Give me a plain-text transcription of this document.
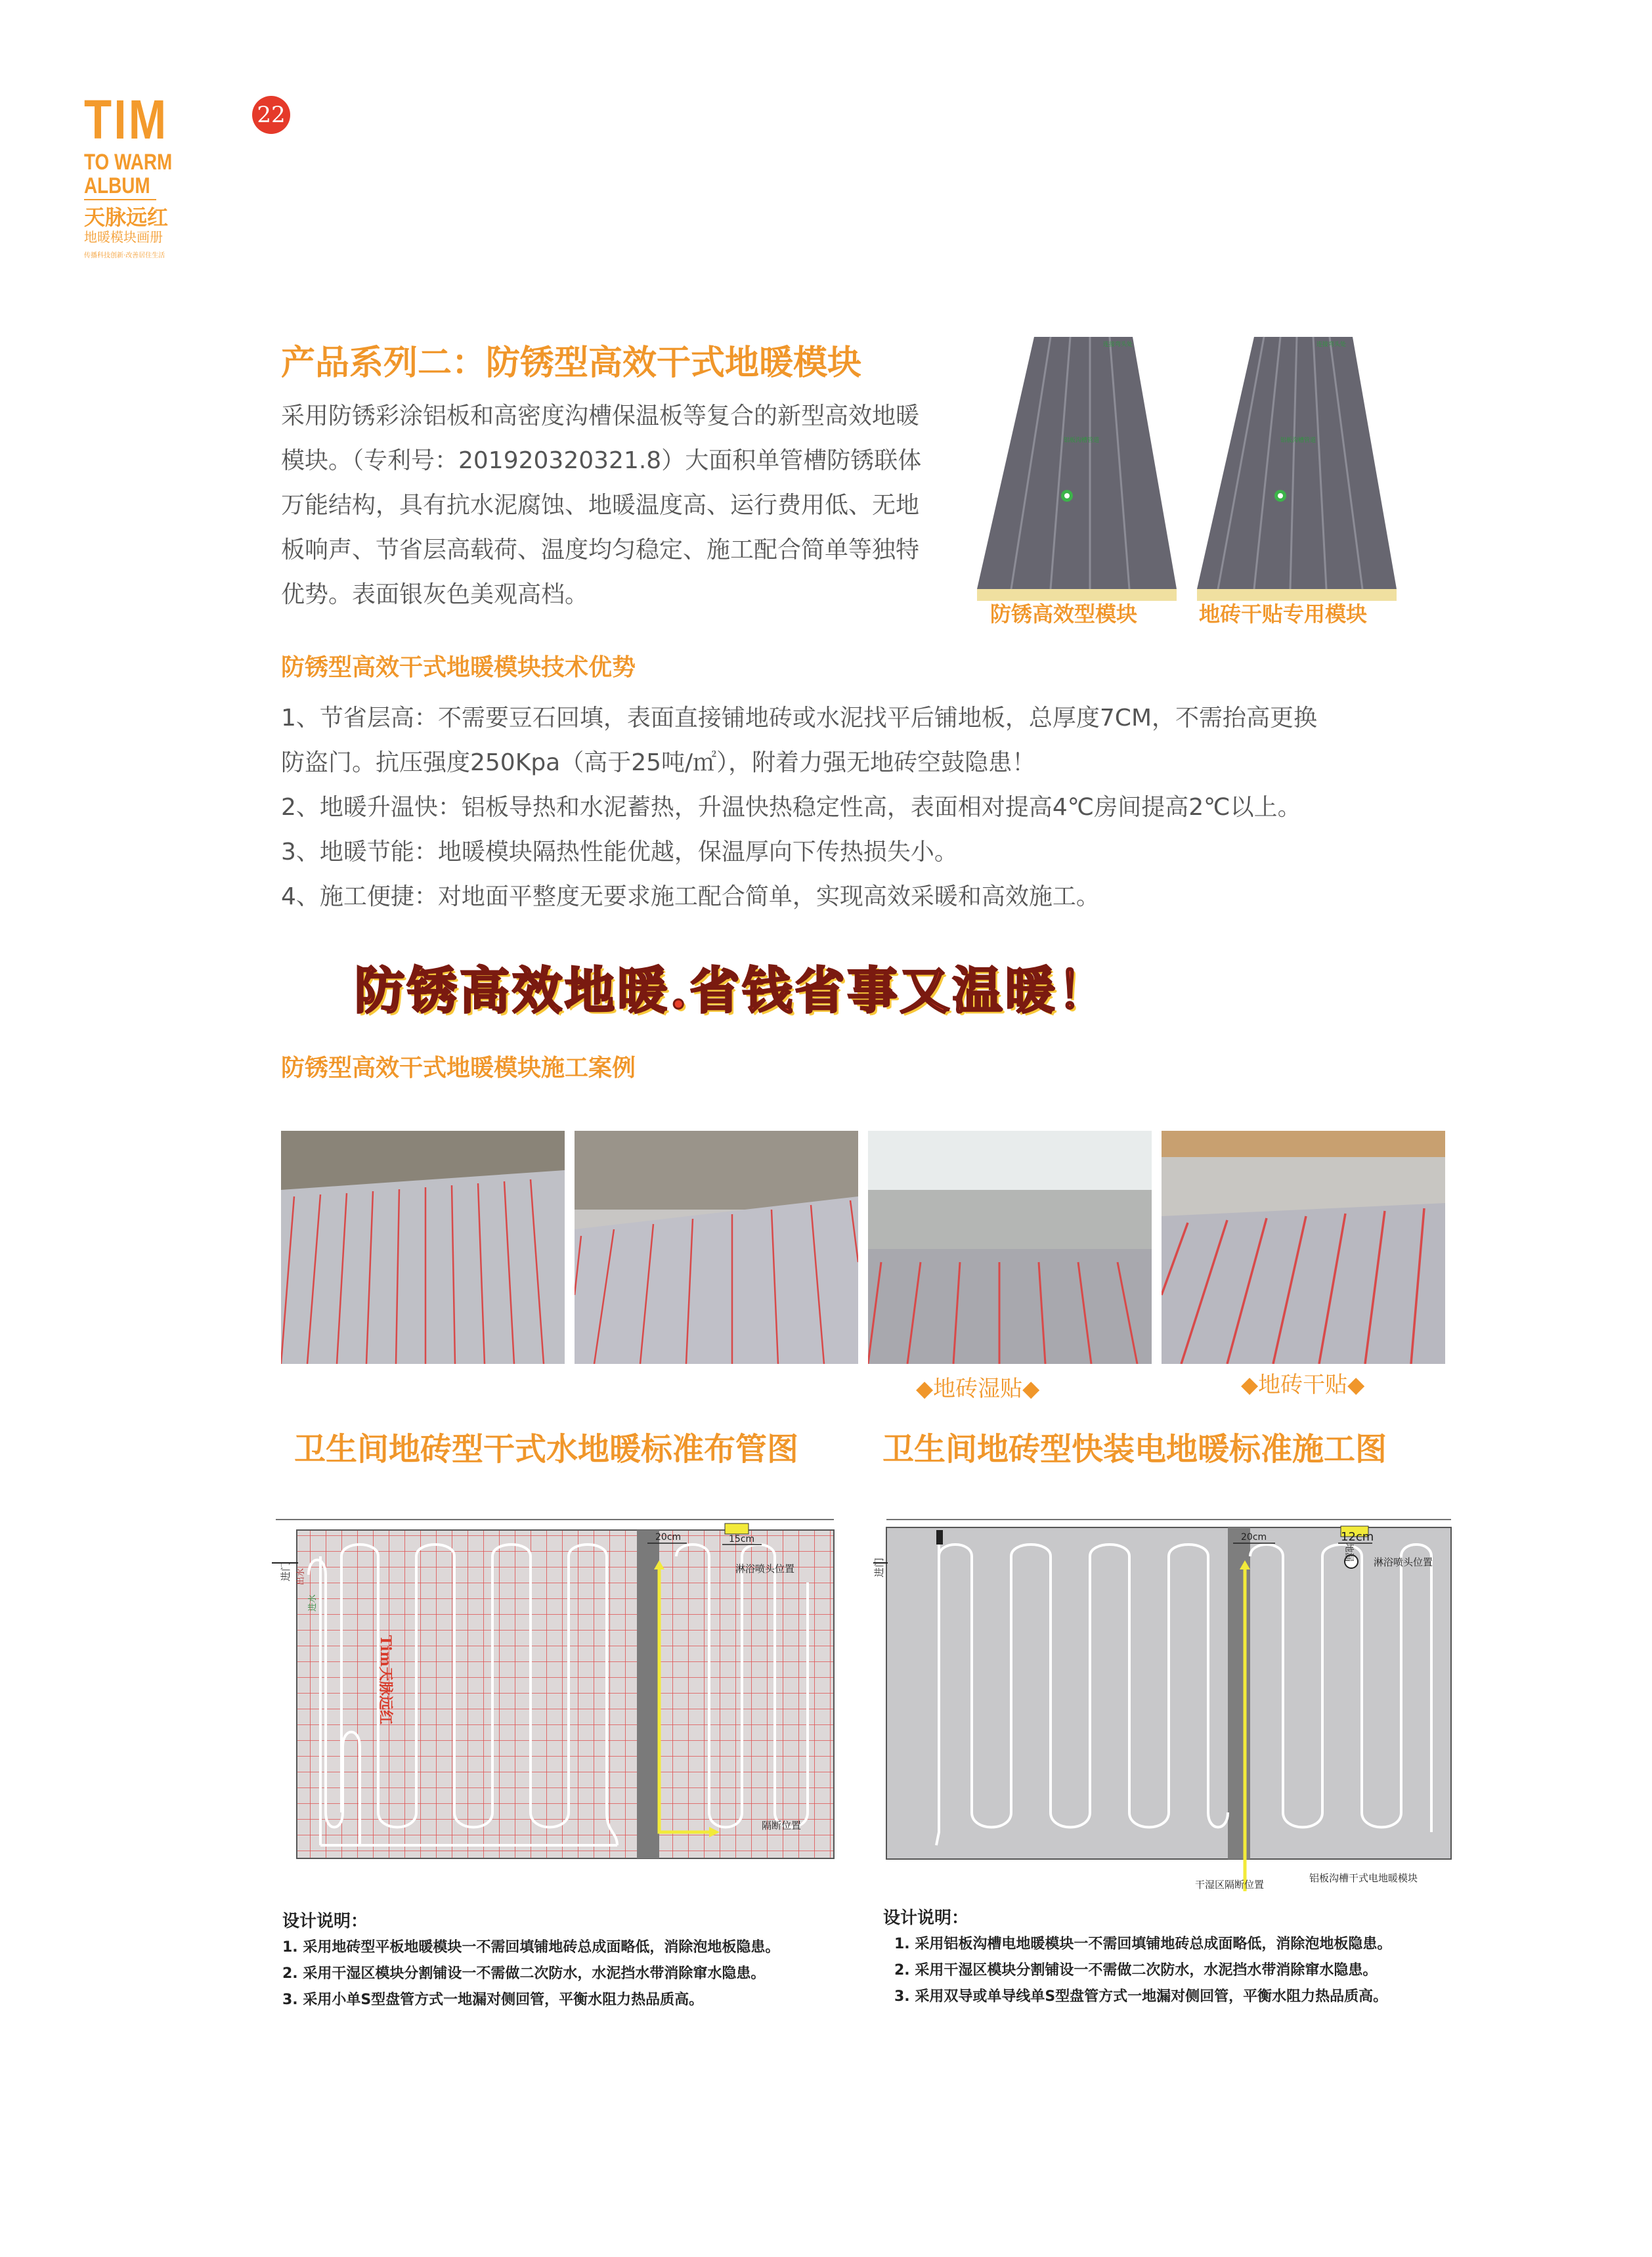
TIM
TO WARM
ALBUM
天脉远红
地暖模块画册
传播科技创新·改善居住生活
22
产品系列二：防锈型高效干式地暖模块
采用防锈彩涂铝板和高密度沟槽保温板等复合的新型高效地暖模块。（专利号：201920320321.8）大面积单管槽防锈联体万能结构，具有抗水泥腐蚀、地暖温度高、运行费用低、无地板响声、节省层高载荷、温度均匀稳定、施工配合简单等独特优势。表面银灰色美观高档。
连接弯头处
铝板沟槽管道
连接弯头处
铝板沟槽管道
防锈高效型模块	地砖干贴专用模块
防锈型高效干式地暖模块技术优势
1、节省层高：不需要豆石回填，表面直接铺地砖或水泥找平后铺地板，总厚度7CM，不需抬高更换
防盗门。抗压强度250Kpa（高于25吨/㎡），附着力强无地砖空鼓隐患！
2、地暖升温快：铝板导热和水泥蓄热，升温快热稳定性高，表面相对提高4℃房间提高2℃以上。
3、地暖节能：地暖模块隔热性能优越，保温厚向下传热损失小。
4、施工便捷：对地面平整度无要求施工配合简单，实现高效采暖和高效施工。
防锈高效地暖.省钱省事又温暖！
防锈型高效干式地暖模块施工案例
◆地砖湿贴◆	◆地砖干贴◆
卫生间地砖型干式水地暖标准布管图	卫生间地砖型快装电地暖标准施工图
20cm	15cm
淋浴喷头位置
隔断位置
进门 出水
进水
Tim天脉远红
20cm	12cm
地漏
淋浴喷头位置
进门
干湿区隔断位置
铝板沟槽干式电地暖模块
设计说明：
1. 采用地砖型平板地暖模块一不需回填铺地砖总成面略低，消除泡地板隐患。
2. 采用干湿区模块分割铺设一不需做二次防水，水泥挡水带消除窜水隐患。
3. 采用小单S型盘管方式一地漏对侧回管，平衡水阻力热品质高。
设计说明：
1. 采用铝板沟槽电地暖模块一不需回填铺地砖总成面略低，消除泡地板隐患。
2. 采用干湿区模块分割铺设一不需做二次防水，水泥挡水带消除窜水隐患。
3. 采用双导或单导线单S型盘管方式一地漏对侧回管，平衡水阻力热品质高。
